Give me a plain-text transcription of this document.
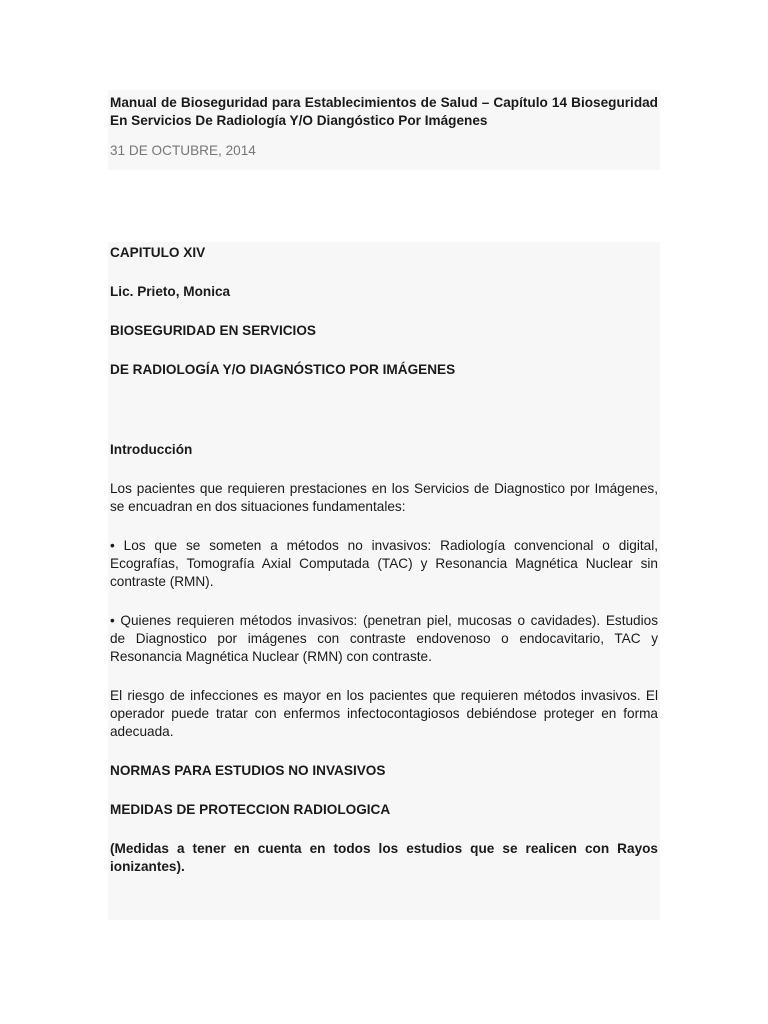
Manual de Bioseguridad para Establecimientos de Salud – Capítulo 14 Bioseguridad En Servicios De Radiología Y/O Diangóstico Por Imágenes
31 DE OCTUBRE, 2014

CAPITULO XIV

Lic. Prieto, Monica

BIOSEGURIDAD EN SERVICIOS

DE RADIOLOGÍA Y/O DIAGNÓSTICO POR IMÁGENES

Introducción

Los pacientes que requieren prestaciones en los Servicios de Diagnostico por Imágenes, se encuadran en dos situaciones fundamentales:

• Los que se someten a métodos no invasivos: Radiología convencional o digital, Ecografías, Tomografía Axial Computada (TAC) y Resonancia Magnética Nuclear sin contraste (RMN).

• Quienes requieren métodos invasivos: (penetran piel, mucosas o cavidades). Estudios de Diagnostico por imágenes con contraste endovenoso o endocavitario, TAC y Resonancia Magnética Nuclear (RMN) con contraste.

El riesgo de infecciones es mayor en los pacientes que requieren métodos invasivos. El operador puede tratar con enfermos infectocontagiosos debiéndose proteger en forma adecuada.

NORMAS PARA ESTUDIOS NO INVASIVOS

MEDIDAS DE PROTECCION RADIOLOGICA

(Medidas a tener en cuenta en todos los estudios que se realicen con Rayos ionizantes).
